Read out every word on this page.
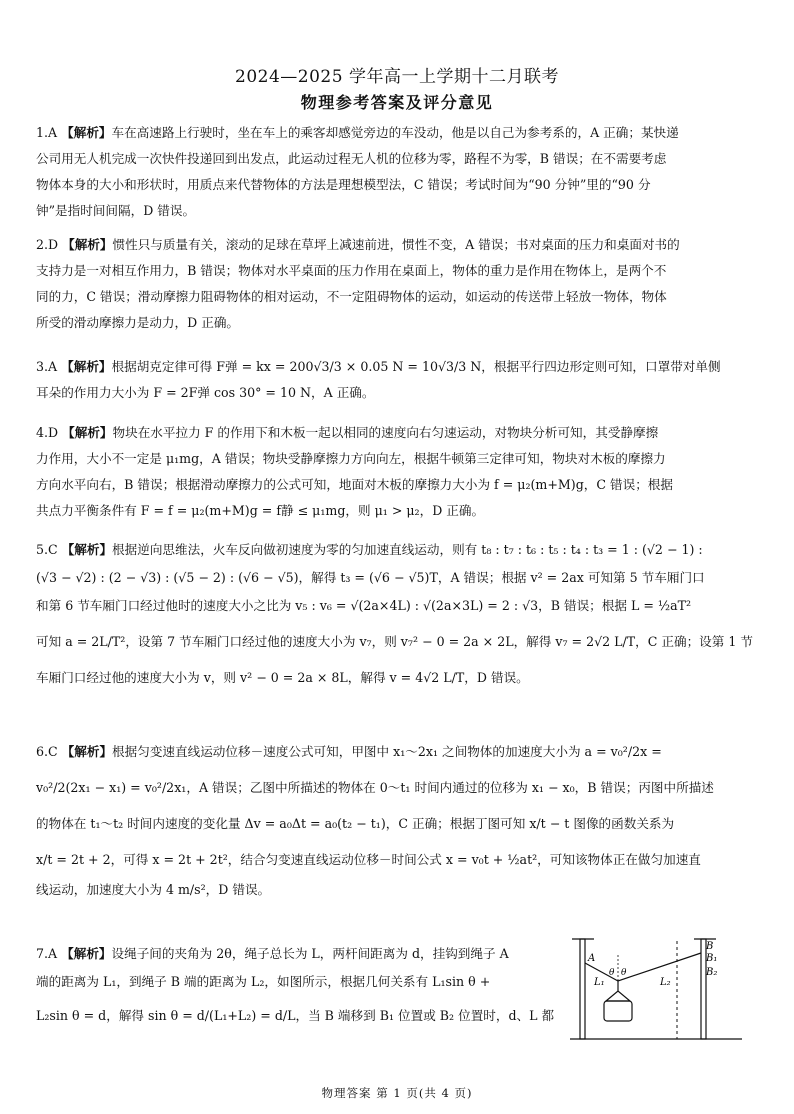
2024—2025 学年高一上学期十二月联考
物理参考答案及评分意见

1.A 【解析】车在高速路上行驶时，坐在车上的乘客却感觉旁边的车没动，他是以自己为参考系的，A 正确；某快递

公司用无人机完成一次快件投递回到出发点，此运动过程无人机的位移为零，路程不为零，B 错误；在不需要考虑

物体本身的大小和形状时，用质点来代替物体的方法是理想模型法，C 错误；考试时间为“90 分钟”里的“90 分

钟”是指时间间隔，D 错误。

2.D 【解析】惯性只与质量有关，滚动的足球在草坪上减速前进，惯性不变，A 错误；书对桌面的压力和桌面对书的

支持力是一对相互作用力，B 错误；物体对水平桌面的压力作用在桌面上，物体的重力是作用在物体上，是两个不

同的力，C 错误；滑动摩擦力阻碍物体的相对运动，不一定阻碍物体的运动，如运动的传送带上轻放一物体，物体

所受的滑动摩擦力是动力，D 正确。

3.A 【解析】根据胡克定律可得 F弹 = kx = 200√3/3 × 0.05 N = 10√3/3 N，根据平行四边形定则可知，口罩带对单侧

耳朵的作用力大小为 F = 2F弹 cos 30° = 10 N，A 正确。

4.D 【解析】物块在水平拉力 F 的作用下和木板一起以相同的速度向右匀速运动，对物块分析可知，其受静摩擦

力作用，大小不一定是 μ₁mg，A 错误；物块受静摩擦力方向向左，根据牛顿第三定律可知，物块对木板的摩擦力

方向水平向右，B 错误；根据滑动摩擦力的公式可知，地面对木板的摩擦力大小为 f = μ₂(m+M)g，C 错误；根据

共点力平衡条件有 F = f = μ₂(m+M)g = f静 ≤ μ₁mg，则 μ₁ > μ₂，D 正确。

5.C 【解析】根据逆向思维法，火车反向做初速度为零的匀加速直线运动，则有 t₈ : t₇ : t₆ : t₅ : t₄ : t₃ = 1 : (√2 − 1) :

(√3 − √2) : (2 − √3) : (√5 − 2) : (√6 − √5)，解得 t₃ = (√6 − √5)T，A 错误；根据 v² = 2ax 可知第 5 节车厢门口

和第 6 节车厢门口经过他时的速度大小之比为 v₅ : v₆ = √(2a×4L) : √(2a×3L) = 2 : √3，B 错误；根据 L = ½aT²

可知 a = 2L/T²，设第 7 节车厢门口经过他的速度大小为 v₇，则 v₇² − 0 = 2a × 2L，解得 v₇ = 2√2 L/T，C 正确；设第 1 节

车厢门口经过他的速度大小为 v，则 v² − 0 = 2a × 8L，解得 v = 4√2 L/T，D 错误。

6.C 【解析】根据匀变速直线运动位移－速度公式可知，甲图中 x₁～2x₁ 之间物体的加速度大小为 a = v₀²/2x =

v₀²/2(2x₁ − x₁) = v₀²/2x₁，A 错误；乙图中所描述的物体在 0～t₁ 时间内通过的位移为 x₁ − x₀，B 错误；丙图中所描述

的物体在 t₁～t₂ 时间内速度的变化量 Δv = a₀Δt = a₀(t₂ − t₁)，C 正确；根据丁图可知 x/t − t 图像的函数关系为

x/t = 2t + 2，可得 x = 2t + 2t²，结合匀变速直线运动位移－时间公式 x = v₀t + ½at²，可知该物体正在做匀加速直

线运动，加速度大小为 4 m/s²，D 错误。

7.A 【解析】设绳子间的夹角为 2θ，绳子总长为 L，两杆间距离为 d，挂钩到绳子 A

端的距离为 L₁，到绳子 B 端的距离为 L₂，如图所示，根据几何关系有 L₁sin θ +

L₂sin θ = d，解得 sin θ = d/(L₁+L₂) = d/L，当 B 端移到 B₁ 位置或 B₂ 位置时，d、L 都

A
B
B₁
B₂
θ θ
L₁	L₂
物理答案 第 1 页(共 4 页)
